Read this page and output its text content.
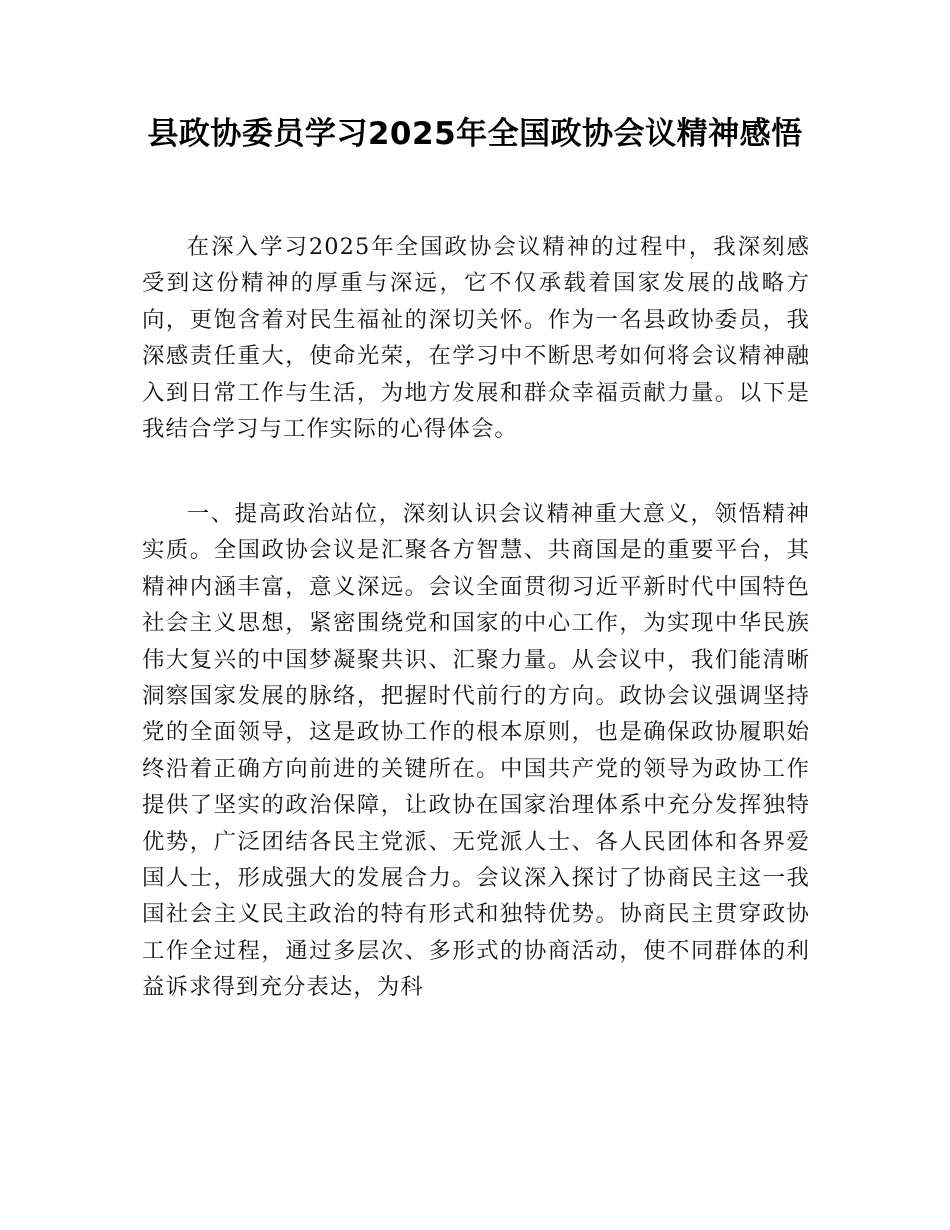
县政协委员学习2025年全国政协会议精神感悟

在深入学习2025年全国政协会议精神的过程中，我深刻感受到这份精神的厚重与深远，它不仅承载着国家发展的战略方向，更饱含着对民生福祉的深切关怀。作为一名县政协委员，我深感责任重大，使命光荣，在学习中不断思考如何将会议精神融入到日常工作与生活，为地方发展和群众幸福贡献力量。以下是我结合学习与工作实际的心得体会。

一、提高政治站位，深刻认识会议精神重大意义，领悟精神实质。全国政协会议是汇聚各方智慧、共商国是的重要平台，其精神内涵丰富，意义深远。会议全面贯彻习近平新时代中国特色社会主义思想，紧密围绕党和国家的中心工作，为实现中华民族伟大复兴的中国梦凝聚共识、汇聚力量。从会议中，我们能清晰洞察国家发展的脉络，把握时代前行的方向。政协会议强调坚持党的全面领导，这是政协工作的根本原则，也是确保政协履职始终沿着正确方向前进的关键所在。中国共产党的领导为政协工作提供了坚实的政治保障，让政协在国家治理体系中充分发挥独特优势，广泛团结各民主党派、无党派人士、各人民团体和各界爱国人士，形成强大的发展合力。会议深入探讨了协商民主这一我国社会主义民主政治的特有形式和独特优势。协商民主贯穿政协工作全过程，通过多层次、多形式的协商活动，使不同群体的利益诉求得到充分表达，为科
